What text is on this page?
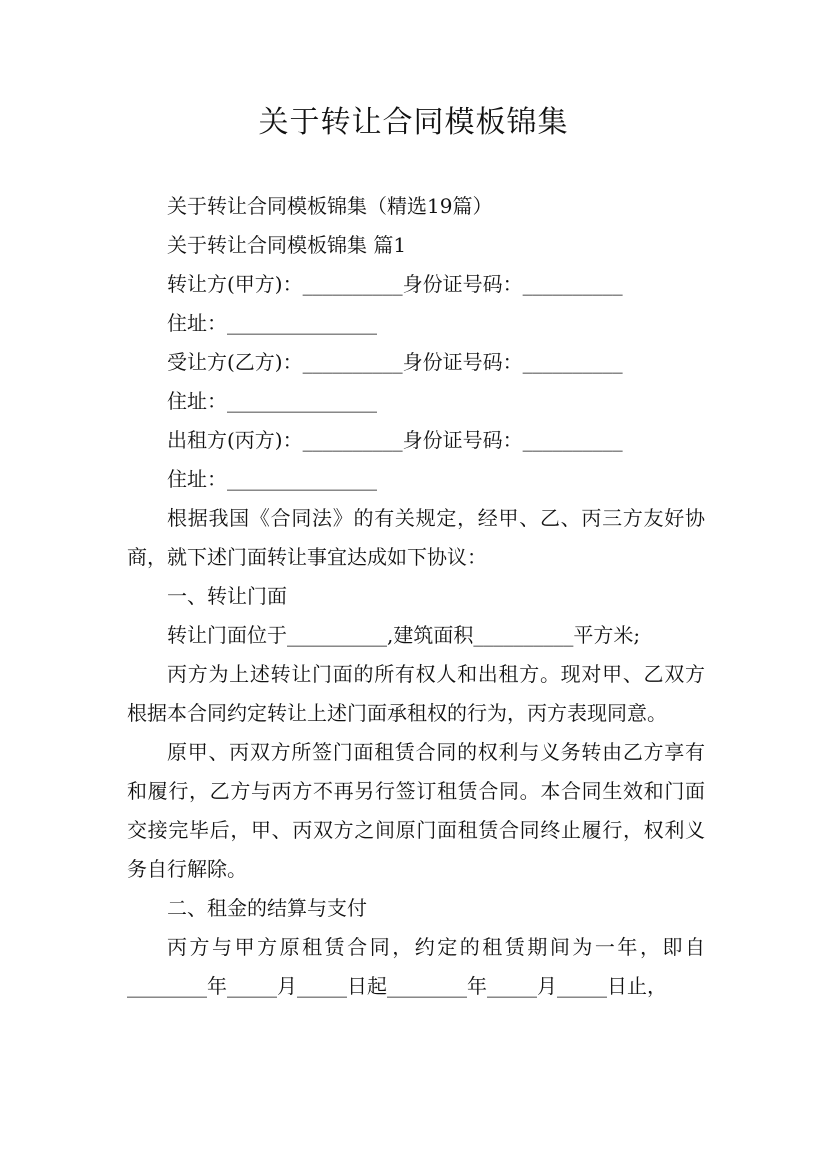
关于转让合同模板锦集

关于转让合同模板锦集（精选19篇）

关于转让合同模板锦集 篇1

转让方(甲方)：__________身份证号码：__________

住址：_______________

受让方(乙方)：__________身份证号码：__________

住址：_______________

出租方(丙方)：__________身份证号码：__________

住址：_______________

根据我国《合同法》的有关规定，经甲、乙、丙三方友好协商，就下述门面转让事宜达成如下协议：

一、转让门面

转让门面位于__________,建筑面积__________平方米;

丙方为上述转让门面的所有权人和出租方。现对甲、乙双方根据本合同约定转让上述门面承租权的行为，丙方表现同意。

原甲、丙双方所签门面租赁合同的权利与义务转由乙方享有和履行，乙方与丙方不再另行签订租赁合同。本合同生效和门面交接完毕后，甲、丙双方之间原门面租赁合同终止履行，权利义务自行解除。

二、租金的结算与支付

丙方与甲方原租赁合同，约定的租赁期间为一年，即自________年_____月_____日起________年_____月_____日止，
